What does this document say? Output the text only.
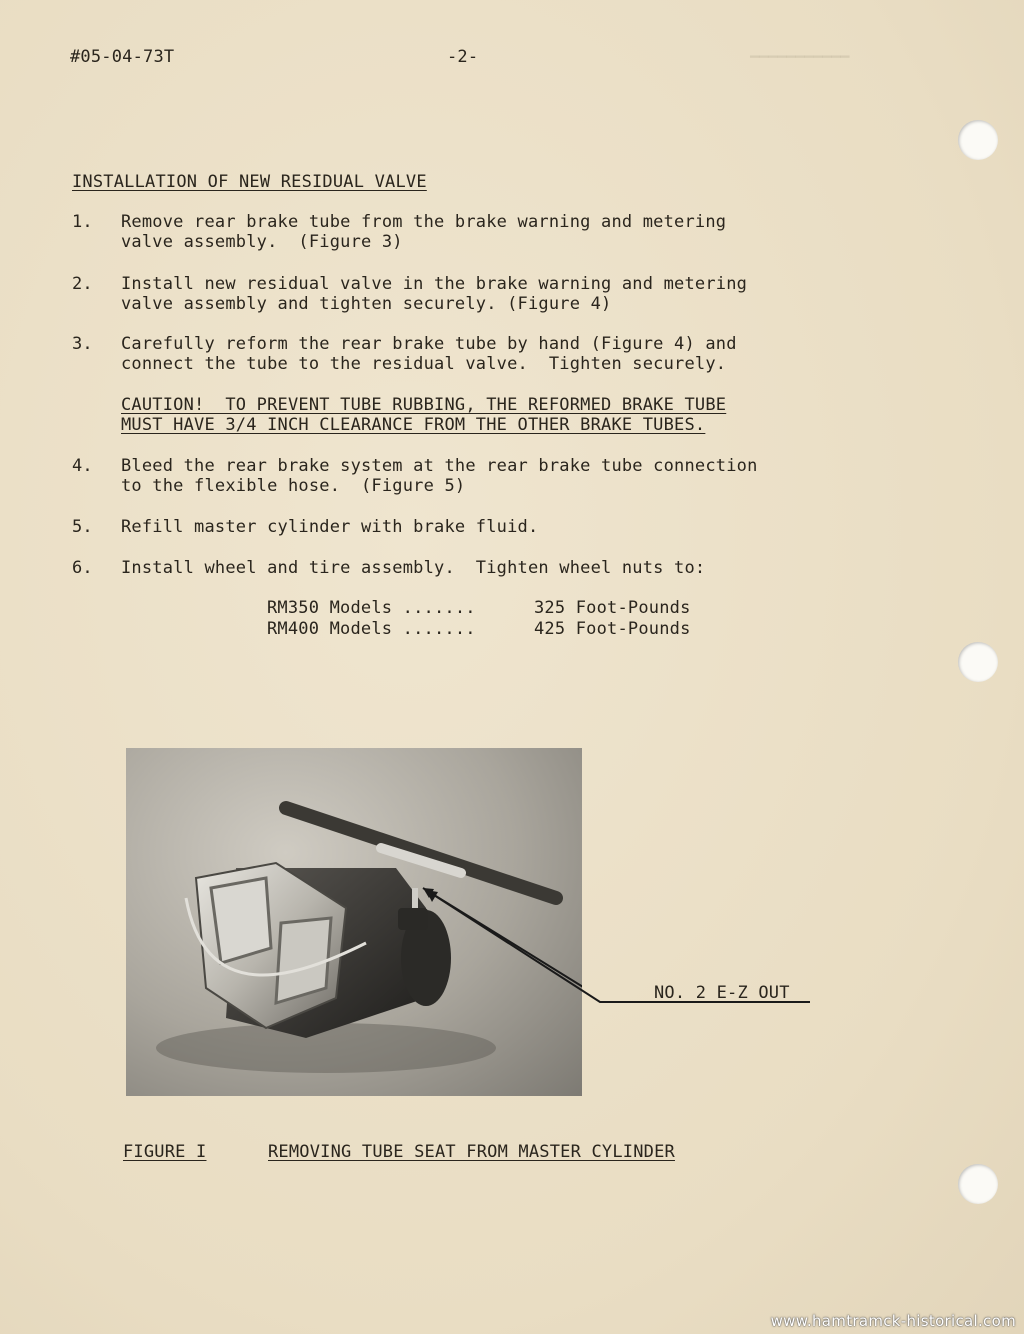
▁▁▁▁▁▁▁▁▁▁▁
#05-04-73T	-2-
INSTALLATION OF NEW RESIDUAL VALVE
1. Remove rear brake tube from the brake warning and metering
valve assembly.  (Figure 3)
2. Install new residual valve in the brake warning and metering
valve assembly and tighten securely. (Figure 4)
3. Carefully reform the rear brake tube by hand (Figure 4) and
connect the tube to the residual valve.  Tighten securely.
CAUTION!  TO PREVENT TUBE RUBBING, THE REFORMED BRAKE TUBE
MUST HAVE 3/4 INCH CLEARANCE FROM THE OTHER BRAKE TUBES.
4. Bleed the rear brake system at the rear brake tube connection
to the flexible hose.  (Figure 5)
5. Refill master cylinder with brake fluid.
6. Install wheel and tire assembly.  Tighten wheel nuts to:
RM350 Models .......	325 Foot-Pounds
RM400 Models .......	425 Foot-Pounds
NO. 2 E-Z OUT
FIGURE I	REMOVING TUBE SEAT FROM MASTER CYLINDER
www.hamtramck-historical.com
